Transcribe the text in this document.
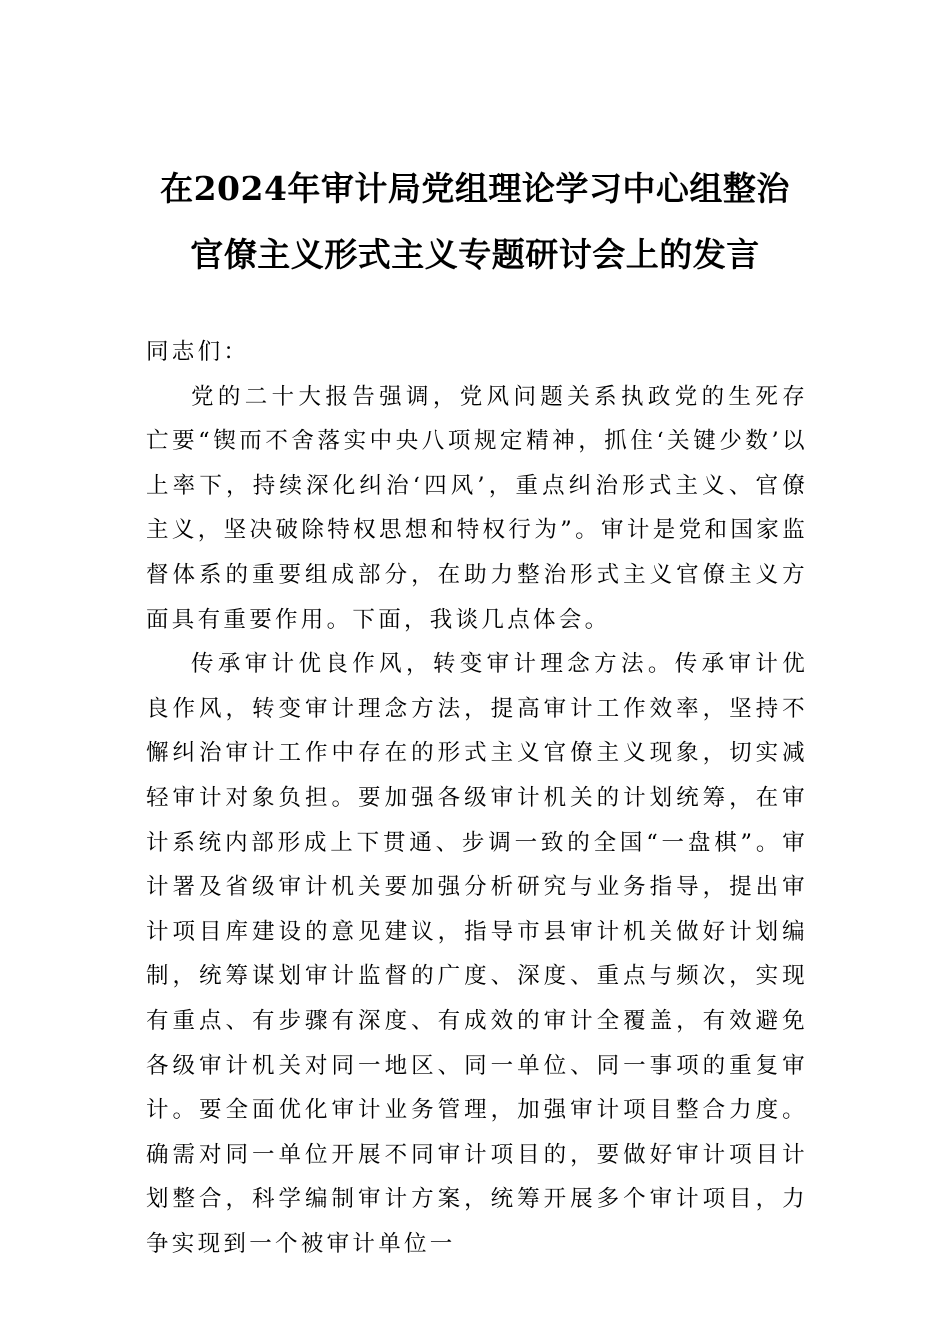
在2024年审计局党组理论学习中心组整治
官僚主义形式主义专题研讨会上的发言

同志们：

党的二十大报告强调，党风问题关系执政党的生死存亡要“锲而不舍落实中央八项规定精神，抓住‘关键少数’以上率下，持续深化纠治‘四风’，重点纠治形式主义、官僚主义，坚决破除特权思想和特权行为”。审计是党和国家监督体系的重要组成部分，在助力整治形式主义官僚主义方面具有重要作用。下面，我谈几点体会。

传承审计优良作风，转变审计理念方法。传承审计优良作风，转变审计理念方法，提高审计工作效率，坚持不懈纠治审计工作中存在的形式主义官僚主义现象，切实减轻审计对象负担。要加强各级审计机关的计划统筹，在审计系统内部形成上下贯通、步调一致的全国“一盘棋”。审计署及省级审计机关要加强分析研究与业务指导，提出审计项目库建设的意见建议，指导市县审计机关做好计划编制，统筹谋划审计监督的广度、深度、重点与频次，实现有重点、有步骤有深度、有成效的审计全覆盖，有效避免各级审计机关对同一地区、同一单位、同一事项的重复审计。要全面优化审计业务管理，加强审计项目整合力度。确需对同一单位开展不同审计项目的，要做好审计项目计划整合，科学编制审计方案，统筹开展多个审计项目，力争实现到一个被审计单位一
